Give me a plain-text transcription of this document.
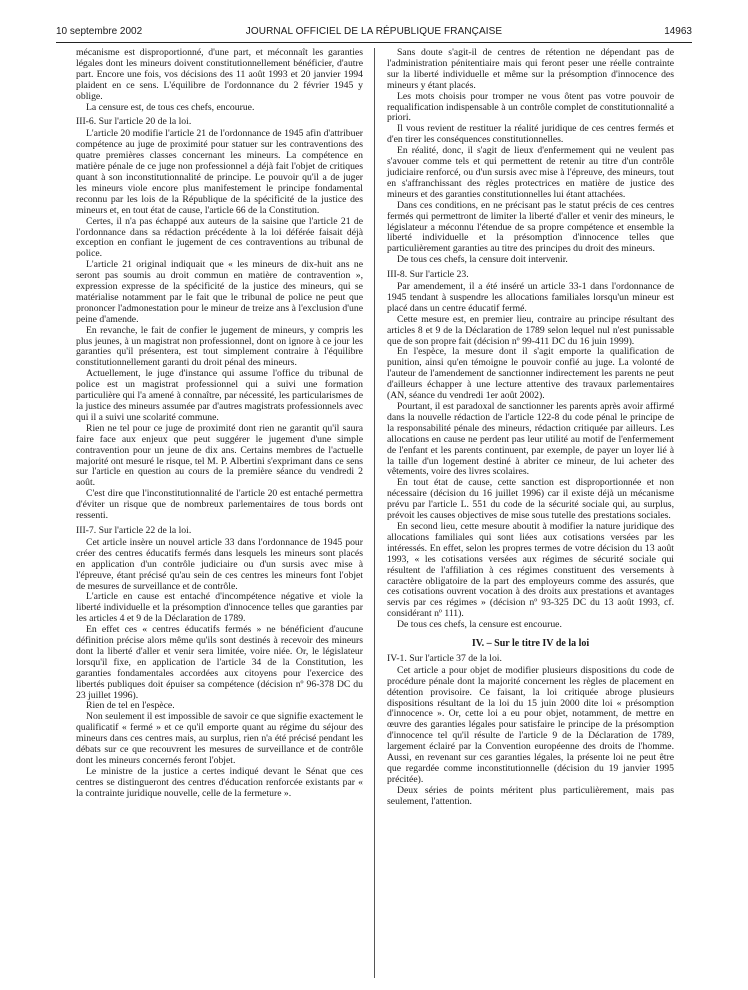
10 septembre 2002	JOURNAL OFFICIEL DE LA RÉPUBLIQUE FRANÇAISE	14963

mécanisme est disproportionné, d'une part, et méconnaît les garanties légales dont les mineurs doivent constitutionnellement bénéficier, d'autre part. Encore une fois, vos décisions des 11 août 1993 et 20 janvier 1994 plaident en ce sens. L'équilibre de l'ordonnance du 2 février 1945 y oblige.

La censure est, de tous ces chefs, encourue.

III-6. Sur l'article 20 de la loi.

L'article 20 modifie l'article 21 de l'ordonnance de 1945 afin d'attribuer compétence au juge de proximité pour statuer sur les contraventions des quatre premières classes concernant les mineurs. La compétence en matière pénale de ce juge non professionnel a déjà fait l'objet de critiques quant à son inconstitutionnalité de principe. Le pouvoir qu'il a de juger les mineurs viole encore plus manifestement le principe fondamental reconnu par les lois de la République de la spécificité de la justice des mineurs et, en tout état de cause, l'article 66 de la Constitution.

Certes, il n'a pas échappé aux auteurs de la saisine que l'article 21 de l'ordonnance dans sa rédaction précédente à la loi déférée faisait déjà exception en confiant le jugement de ces contraventions au tribunal de police.

L'article 21 original indiquait que « les mineurs de dix-huit ans ne seront pas soumis au droit commun en matière de contravention », expression expresse de la spécificité de la justice des mineurs, qui se matérialise notamment par le fait que le tribunal de police ne peut que prononcer l'admonestation pour le mineur de treize ans à l'exclusion d'une peine d'amende.

En revanche, le fait de confier le jugement de mineurs, y compris les plus jeunes, à un magistrat non professionnel, dont on ignore à ce jour les garanties qu'il présentera, est tout simplement contraire à l'équilibre constitutionnellement garanti du droit pénal des mineurs.

Actuellement, le juge d'instance qui assume l'office du tribunal de police est un magistrat professionnel qui a suivi une formation particulière qui l'a amené à connaître, par nécessité, les particularismes de la justice des mineurs assumée par d'autres magistrats professionnels avec qui il a suivi une scolarité commune.

Rien ne tel pour ce juge de proximité dont rien ne garantit qu'il saura faire face aux enjeux que peut suggérer le jugement d'une simple contravention pour un jeune de dix ans. Certains membres de l'actuelle majorité ont mesuré le risque, tel M. P. Albertini s'exprimant dans ce sens sur l'article en question au cours de la première séance du vendredi 2 août.

C'est dire que l'inconstitutionnalité de l'article 20 est entaché permettra d'éviter un risque que de nombreux parlementaires de tous bords ont ressenti.

III-7. Sur l'article 22 de la loi.

Cet article insère un nouvel article 33 dans l'ordonnance de 1945 pour créer des centres éducatifs fermés dans lesquels les mineurs sont placés en application d'un contrôle judiciaire ou d'un sursis avec mise à l'épreuve, étant précisé qu'au sein de ces centres les mineurs font l'objet de mesures de surveillance et de contrôle.

L'article en cause est entaché d'incompétence négative et viole la liberté individuelle et la présomption d'innocence telles que garanties par les articles 4 et 9 de la Déclaration de 1789.

En effet ces « centres éducatifs fermés » ne bénéficient d'aucune définition précise alors même qu'ils sont destinés à recevoir des mineurs dont la liberté d'aller et venir sera limitée, voire niée. Or, le législateur lorsqu'il fixe, en application de l'article 34 de la Constitution, les garanties fondamentales accordées aux citoyens pour l'exercice des libertés publiques doit épuiser sa compétence (décision nº 96-378 DC du 23 juillet 1996).

Rien de tel en l'espèce.

Non seulement il est impossible de savoir ce que signifie exactement le qualificatif « fermé » et ce qu'il emporte quant au régime du séjour des mineurs dans ces centres mais, au surplus, rien n'a été précisé pendant les débats sur ce que recouvrent les mesures de surveillance et de contrôle dont les mineurs concernés feront l'objet.

Le ministre de la justice a certes indiqué devant le Sénat que ces centres se distingueront des centres d'éducation renforcée existants par « la contrainte juridique nouvelle, celle de la fermeture ».

Sans doute s'agit-il de centres de rétention ne dépendant pas de l'administration pénitentiaire mais qui feront peser une réelle contrainte sur la liberté individuelle et même sur la présomption d'innocence des mineurs y étant placés.

Les mots choisis pour tromper ne vous ôtent pas votre pouvoir de requalification indispensable à un contrôle complet de constitutionnalité a priori.

Il vous revient de restituer la réalité juridique de ces centres fermés et d'en tirer les conséquences constitutionnelles.

En réalité, donc, il s'agit de lieux d'enfermement qui ne veulent pas s'avouer comme tels et qui permettent de retenir au titre d'un contrôle judiciaire renforcé, ou d'un sursis avec mise à l'épreuve, des mineurs, tout en s'affranchissant des règles protectrices en matière de justice des mineurs et des garanties constitutionnelles lui étant attachées.

Dans ces conditions, en ne précisant pas le statut précis de ces centres fermés qui permettront de limiter la liberté d'aller et venir des mineurs, le législateur a méconnu l'étendue de sa propre compétence et ensemble la liberté individuelle et la présomption d'innocence telles que particulièrement garanties au titre des principes du droit des mineurs.

De tous ces chefs, la censure doit intervenir.

III-8. Sur l'article 23.

Par amendement, il a été inséré un article 33-1 dans l'ordonnance de 1945 tendant à suspendre les allocations familiales lorsqu'un mineur est placé dans un centre éducatif fermé.

Cette mesure est, en premier lieu, contraire au principe résultant des articles 8 et 9 de la Déclaration de 1789 selon lequel nul n'est punissable que de son propre fait (décision nº 99-411 DC du 16 juin 1999).

En l'espèce, la mesure dont il s'agit emporte la qualification de punition, ainsi qu'en témoigne le pouvoir confié au juge. La volonté de l'auteur de l'amendement de sanctionner indirectement les parents ne peut d'ailleurs échapper à une lecture attentive des travaux parlementaires (AN, séance du vendredi 1er août 2002).

Pourtant, il est paradoxal de sanctionner les parents après avoir affirmé dans la nouvelle rédaction de l'article 122-8 du code pénal le principe de la responsabilité pénale des mineurs, rédaction critiquée par ailleurs. Les allocations en cause ne perdent pas leur utilité au motif de l'enfermement de l'enfant et les parents continuent, par exemple, de payer un loyer lié à la taille d'un logement destiné à abriter ce mineur, de lui acheter des vêtements, voire des livres scolaires.

En tout état de cause, cette sanction est disproportionnée et non nécessaire (décision du 16 juillet 1996) car il existe déjà un mécanisme prévu par l'article L. 551 du code de la sécurité sociale qui, au surplus, prévoit les causes objectives de mise sous tutelle des prestations sociales.

En second lieu, cette mesure aboutit à modifier la nature juridique des allocations familiales qui sont liées aux cotisations versées par les intéressés. En effet, selon les propres termes de votre décision du 13 août 1993, « les cotisations versées aux régimes de sécurité sociale qui résultent de l'affiliation à ces régimes constituent des versements à caractère obligatoire de la part des employeurs comme des assurés, que ces cotisations ouvrent vocation à des droits aux prestations et avantages servis par ces régimes » (décision nº 93-325 DC du 13 août 1993, cf. considérant nº 111).

De tous ces chefs, la censure est encourue.

IV. – Sur le titre IV de la loi

IV-1. Sur l'article 37 de la loi.

Cet article a pour objet de modifier plusieurs dispositions du code de procédure pénale dont la majorité concernent les règles de placement en détention provisoire. Ce faisant, la loi critiquée abroge plusieurs dispositions résultant de la loi du 15 juin 2000 dite loi « présomption d'innocence ». Or, cette loi a eu pour objet, notamment, de mettre en œuvre des garanties légales pour satisfaire le principe de la présomption d'innocence tel qu'il résulte de l'article 9 de la Déclaration de 1789, largement éclairé par la Convention européenne des droits de l'homme. Aussi, en revenant sur ces garanties légales, la présente loi ne peut être que regardée comme inconstitutionnelle (décision du 19 janvier 1995 précitée).

Deux séries de points méritent plus particulièrement, mais pas seulement, l'attention.
